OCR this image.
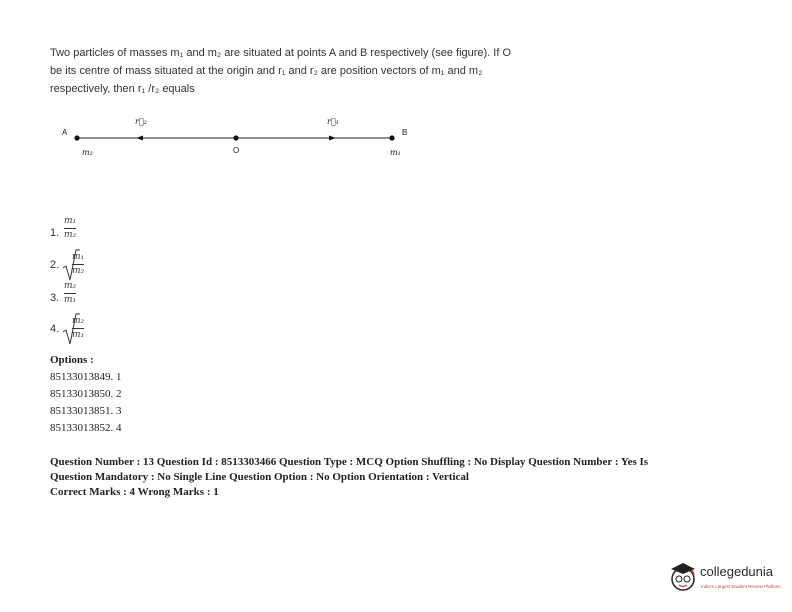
Two particles of masses m₁ and m₂ are situated at points A and B respectively (see figure). If O

be its centre of mass situated at the origin and r₁ and r₂ are position vectors of m₁ and m₂

respectively, then r₁ /r₂ equals

A	B
O
m₂	m₁
r⃗₂	r⃗₁
1.
m₁
m₂
2.
m₁
m₂
3.
m₂
m₁
4.
m₂
m₁
Options :
85133013849. 1
85133013850. 2
85133013851. 3
85133013852. 4
Question Number : 13 Question Id : 8513303466 Question Type : MCQ Option Shuffling : No Display Question Number : Yes Is
Question Mandatory : No Single Line Question Option : No Option Orientation : Vertical
Correct Marks : 4 Wrong Marks : 1
collegedunia
India's Largest Student Review Platform
